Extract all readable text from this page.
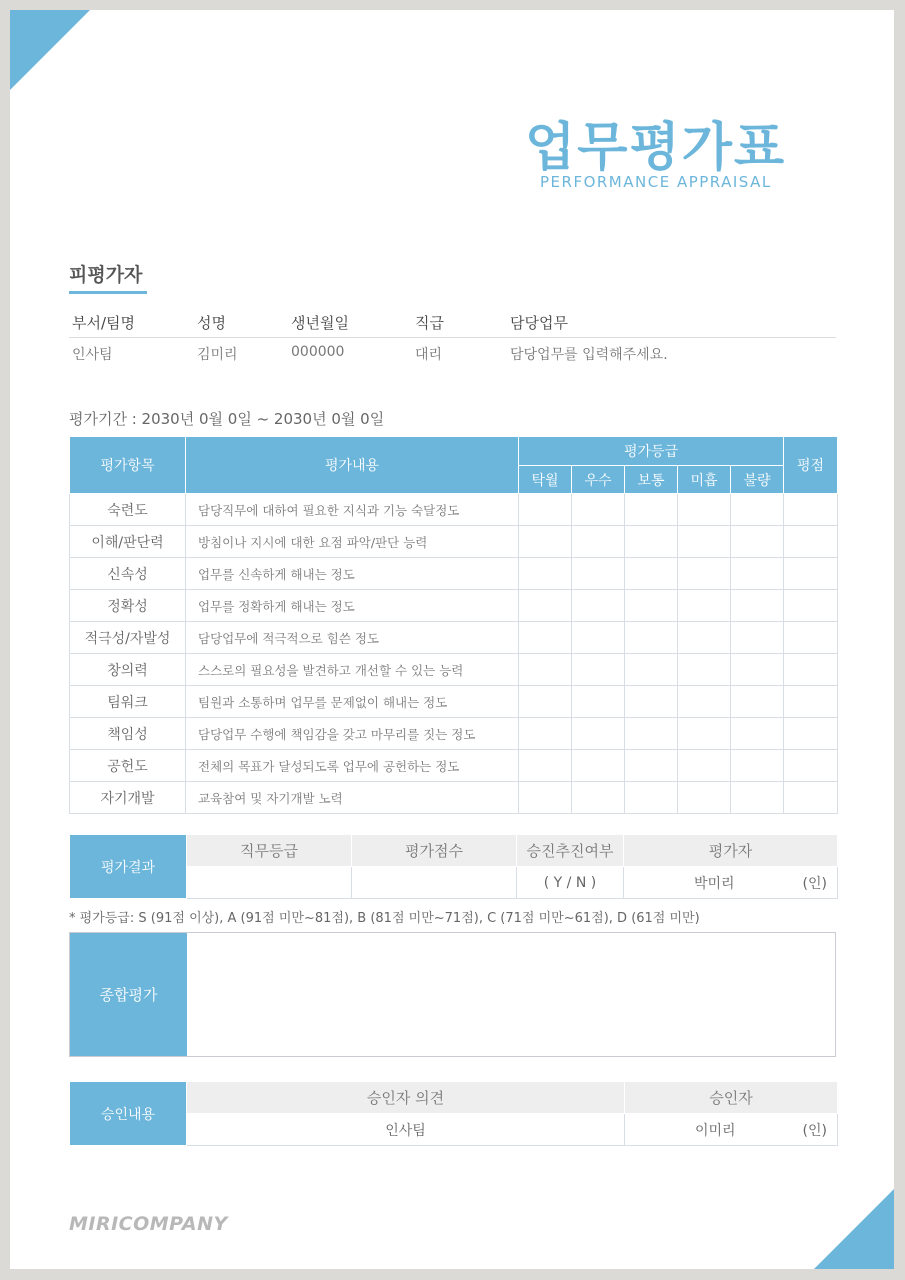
업무평가표
PERFORMANCE APPRAISAL
피평가자
부서/팀명	성명	생년월일	직급	담당업무
인사팀	김미리	000000	대리	담당업무를 입력해주세요.
평가기간 : 2030년 0월 0일 ~ 2030년 0월 0일
평가항목	평가내용	평가등급					평점
		탁월	우수	보통	미흡	불량	
숙련도	담당직무에 대하여 필요한 지식과 기능 숙달정도						
이해/판단력	방침이나 지시에 대한 요점 파악/판단 능력						
신속성	업무를 신속하게 해내는 정도						
정확성	업무를 정확하게 해내는 정도						
적극성/자발성	담당업무에 적극적으로 힘쓴 정도						
창의력	스스로의 필요성을 발견하고 개선할 수 있는 능력						
팀워크	팀원과 소통하며 업무를 문제없이 해내는 정도						
책임성	담당업무 수행에 책임감을 갖고 마무리를 짓는 정도						
공헌도	전체의 목표가 달성되도록 업무에 공헌하는 정도						
자기개발	교육참여 및 자기개발 노력						
평가결과	직무등급	평가점수	승진추진여부	평가자
			( Y / N )	박미리 (인)
* 평가등급: S (91점 이상), A (91점 미만~81점), B (81점 미만~71점), C (71점 미만~61점), D (61점 미만)
종합평가
승인내용	승인자 의견	승인자
	인사팀	이미리 (인)
MIRICOMPANY
